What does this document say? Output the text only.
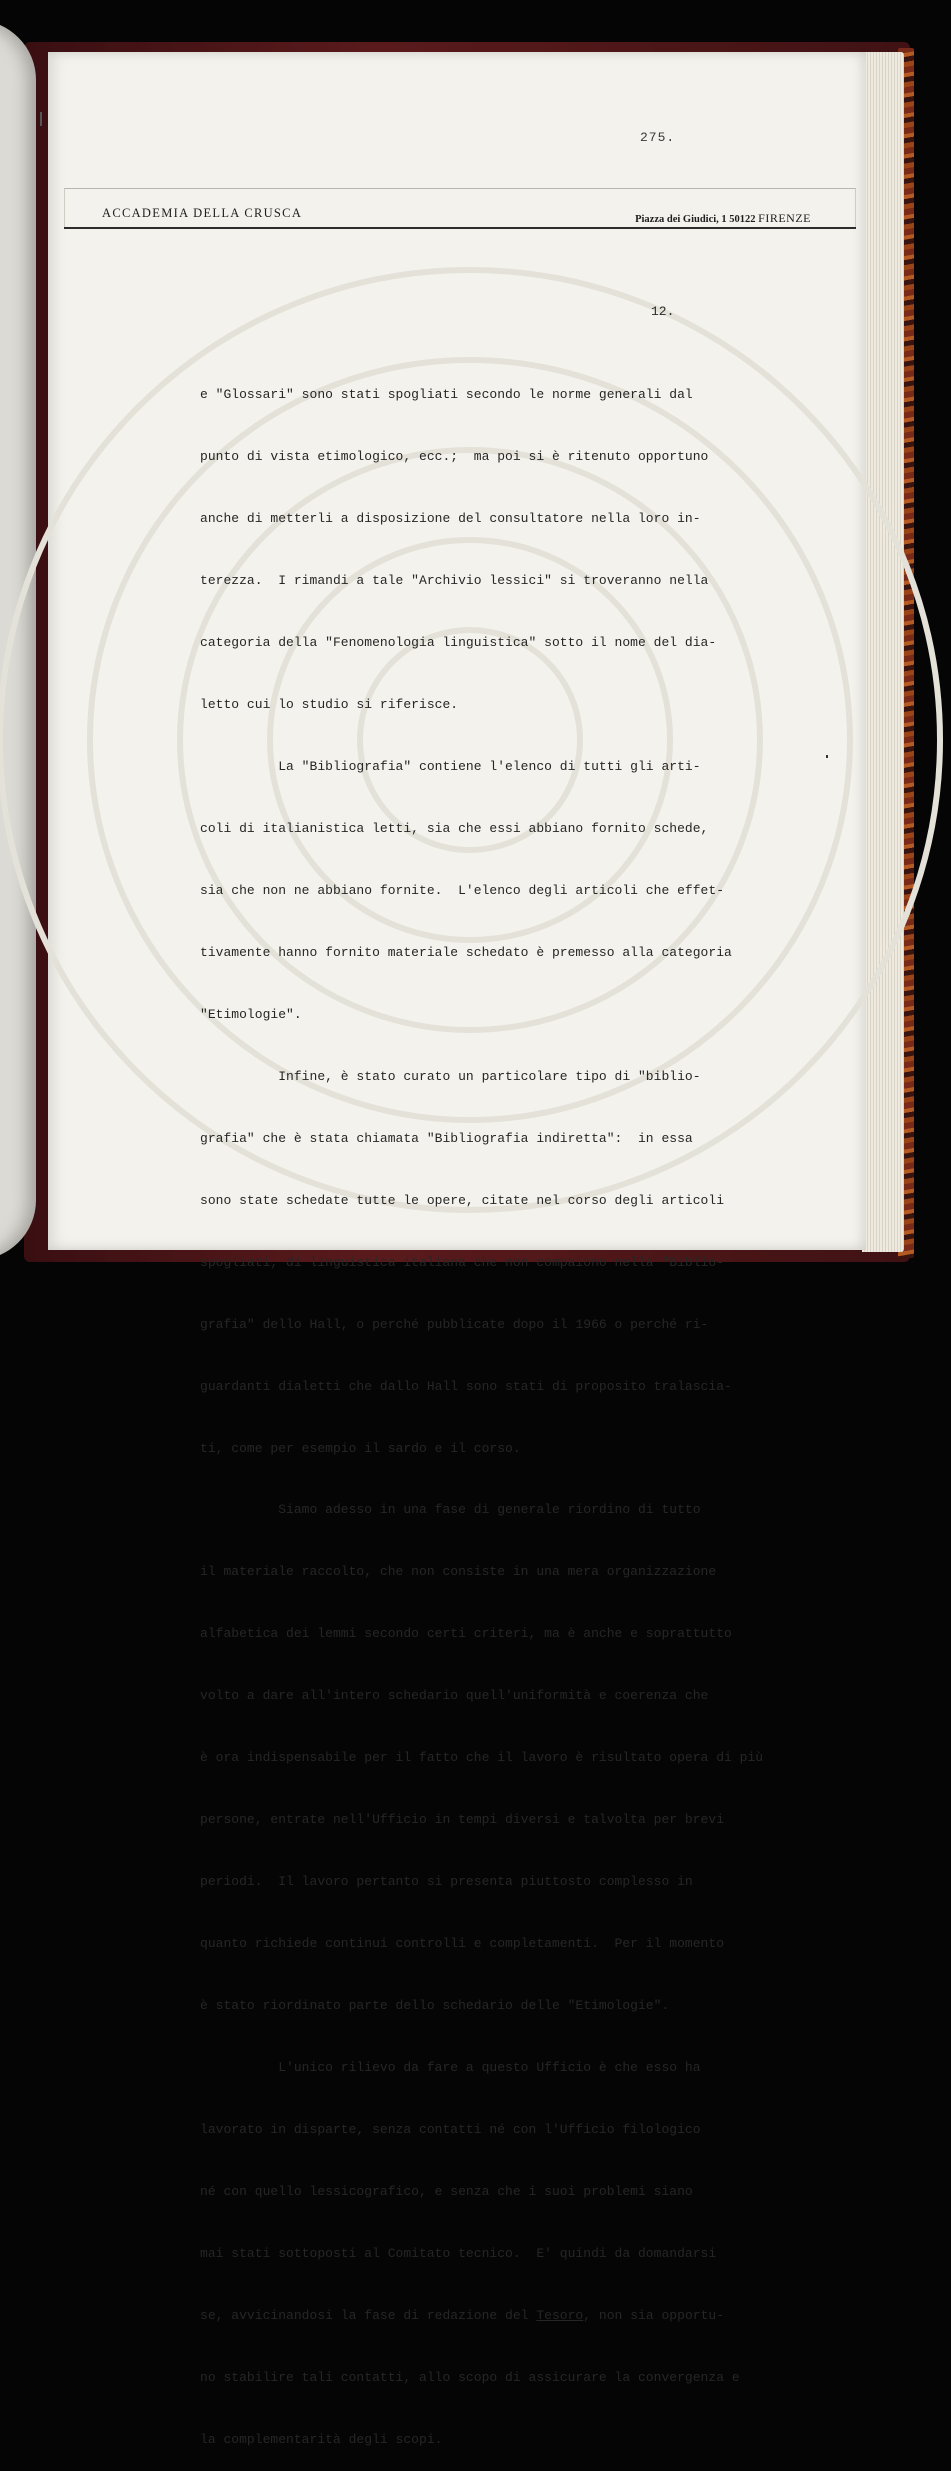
275.
ACCADEMIA DELLA CRUSCA	Piazza dei Giudici, 1 50122 FIRENZE
12.

e "Glossari" sono stati spogliati secondo le norme generali dal

punto di vista etimologico, ecc.;  ma poi si è ritenuto opportuno

anche di metterli a disposizione del consultatore nella loro in-

terezza.  I rimandi a tale "Archivio lessici" si troveranno nella

categoria della "Fenomenologia linguistica" sotto il nome del dia-

letto cui lo studio si riferisce.

La "Bibliografia" contiene l'elenco di tutti gli arti-

coli di italianistica letti, sia che essi abbiano fornito schede,

sia che non ne abbiano fornite.  L'elenco degli articoli che effet-

tivamente hanno fornito materiale schedato è premesso alla categoria

"Etimologie".

Infine, è stato curato un particolare tipo di "biblio-

grafia" che è stata chiamata "Bibliografia indiretta":  in essa

sono state schedate tutte le opere, citate nel corso degli articoli

spogliati, di linguistica italiana che non compaiono nella "Biblio-

grafia" dello Hall, o perché pubblicate dopo il 1966 o perché ri-

guardanti dialetti che dallo Hall sono stati di proposito tralascia-

ti, come per esempio il sardo e il corso.

Siamo adesso in una fase di generale riordino di tutto

il materiale raccolto, che non consiste in una mera organizzazione

alfabetica dei lemmi secondo certi criteri, ma è anche e soprattutto

volto a dare all'intero schedario quell'uniformità e coerenza che

è ora indispensabile per il fatto che il lavoro è risultato opera di più

persone, entrate nell'Ufficio in tempi diversi e talvolta per brevi

periodi.  Il lavoro pertanto si presenta piuttosto complesso in

quanto richiede continui controlli e completamenti.  Per il momento

è stato riordinato parte dello schedario delle "Etimologie".

L'unico rilievo da fare a questo Ufficio è che esso ha

lavorato in disparte, senza contatti né con l'Ufficio filologico

né con quello lessicografico, e senza che i suoi problemi siano

mai stati sottoposti al Comitato tecnico.  E' quindi da domandarsi

se, avvicinandosi la fase di redazione del Tesoro, non sia opportu-

no stabilire tali contatti, allo scopo di assicurare la convergenza e

la complementarità degli scopi.
